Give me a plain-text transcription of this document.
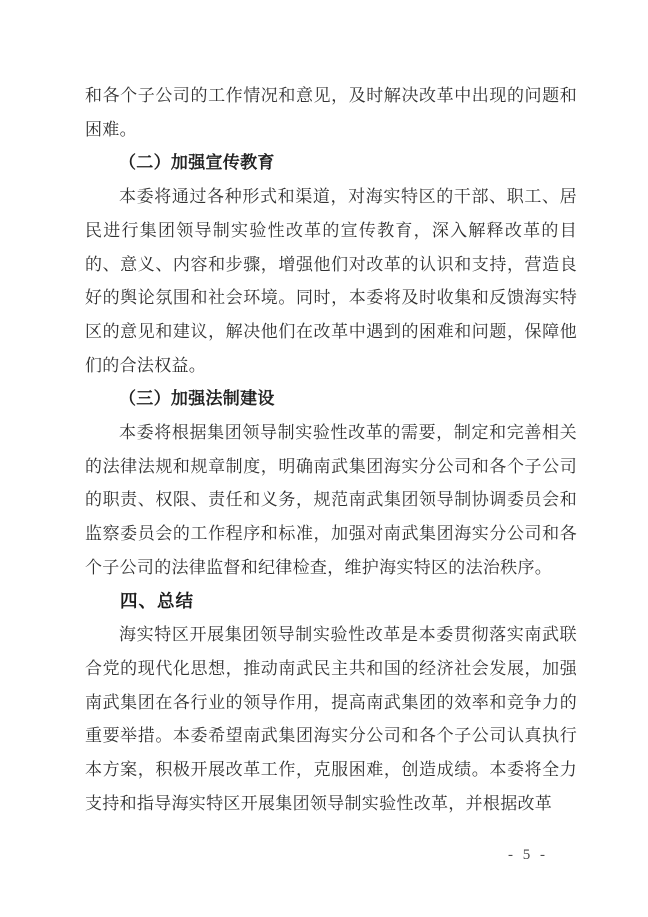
和各个子公司的工作情况和意见，及时解决改革中出现的问题和困难。

（二）加强宣传教育

本委将通过各种形式和渠道，对海实特区的干部、职工、居民进行集团领导制实验性改革的宣传教育，深入解释改革的目的、意义、内容和步骤，增强他们对改革的认识和支持，营造良好的舆论氛围和社会环境。同时，本委将及时收集和反馈海实特区的意见和建议，解决他们在改革中遇到的困难和问题，保障他们的合法权益。

（三）加强法制建设

本委将根据集团领导制实验性改革的需要，制定和完善相关的法律法规和规章制度，明确南武集团海实分公司和各个子公司的职责、权限、责任和义务，规范南武集团领导制协调委员会和监察委员会的工作程序和标准，加强对南武集团海实分公司和各个子公司的法律监督和纪律检查，维护海实特区的法治秩序。

四、总结

海实特区开展集团领导制实验性改革是本委贯彻落实南武联合党的现代化思想，推动南武民主共和国的经济社会发展，加强南武集团在各行业的领导作用，提高南武集团的效率和竞争力的重要举措。本委希望南武集团海实分公司和各个子公司认真执行本方案，积极开展改革工作，克服困难，创造成绩。本委将全力支持和指导海实特区开展集团领导制实验性改革，并根据改革

- 5 -
